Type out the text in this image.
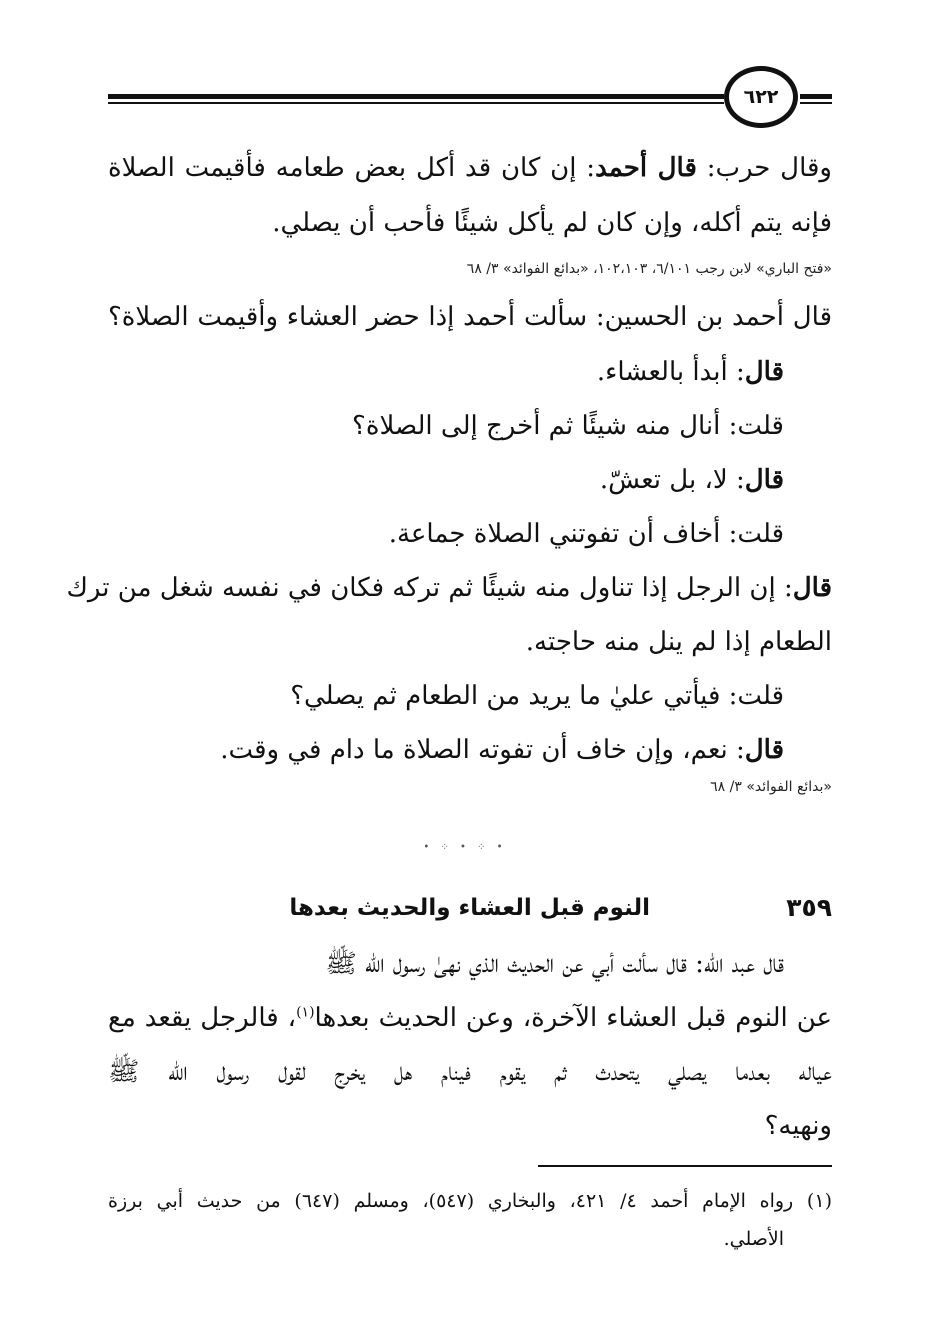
٦٢٢
وقال حرب: قال أحمد: إن كان قد أكل بعض طعامه فأقيمت الصلاة
فإنه يتم أكله، وإن كان لم يأكل شيئًا فأحب أن يصلي.
«فتح الباري» لابن رجب ٦/١٠١، ١٠٢،١٠٣، «بدائع الفوائد» ٣/ ٦٨
قال أحمد بن الحسين: سألت أحمد إذا حضر العشاء وأقيمت الصلاة؟
قال: أبدأ بالعشاء.
قلت: أنال منه شيئًا ثم أخرج إلى الصلاة؟
قال: لا، بل تعشّ.
قلت: أخاف أن تفوتني الصلاة جماعة.
قال: إن الرجل إذا تناول منه شيئًا ثم تركه فكان في نفسه شغل من ترك
الطعام إذا لم ينل منه حاجته.
قلت: فيأتي عليٰ ما يريد من الطعام ثم يصلي؟
قال: نعم، وإن خاف أن تفوته الصلاة ما دام في وقت.
«بدائع الفوائد» ٣/ ٦٨
• ⁘ • ⁘ •
٣٥٩
النوم قبل العشاء والحديث بعدها
قال عبد الله: قال سألت أبي عن الحديث الذي نهىٰ رسول الله ﷺ
عن النوم قبل العشاء الآخرة، وعن الحديث بعدها$^{(١)}$، فالرجل يقعد مع
عياله بعدما يصلي يتحدث ثم يقوم فينام هل يخرج لقول رسول الله ﷺ
ونهيه؟
(١) رواه الإمام أحمد ٤/ ٤٢١، والبخاري (٥٤٧)، ومسلم (٦٤٧) من حديث أبي برزة
الأصلي.
